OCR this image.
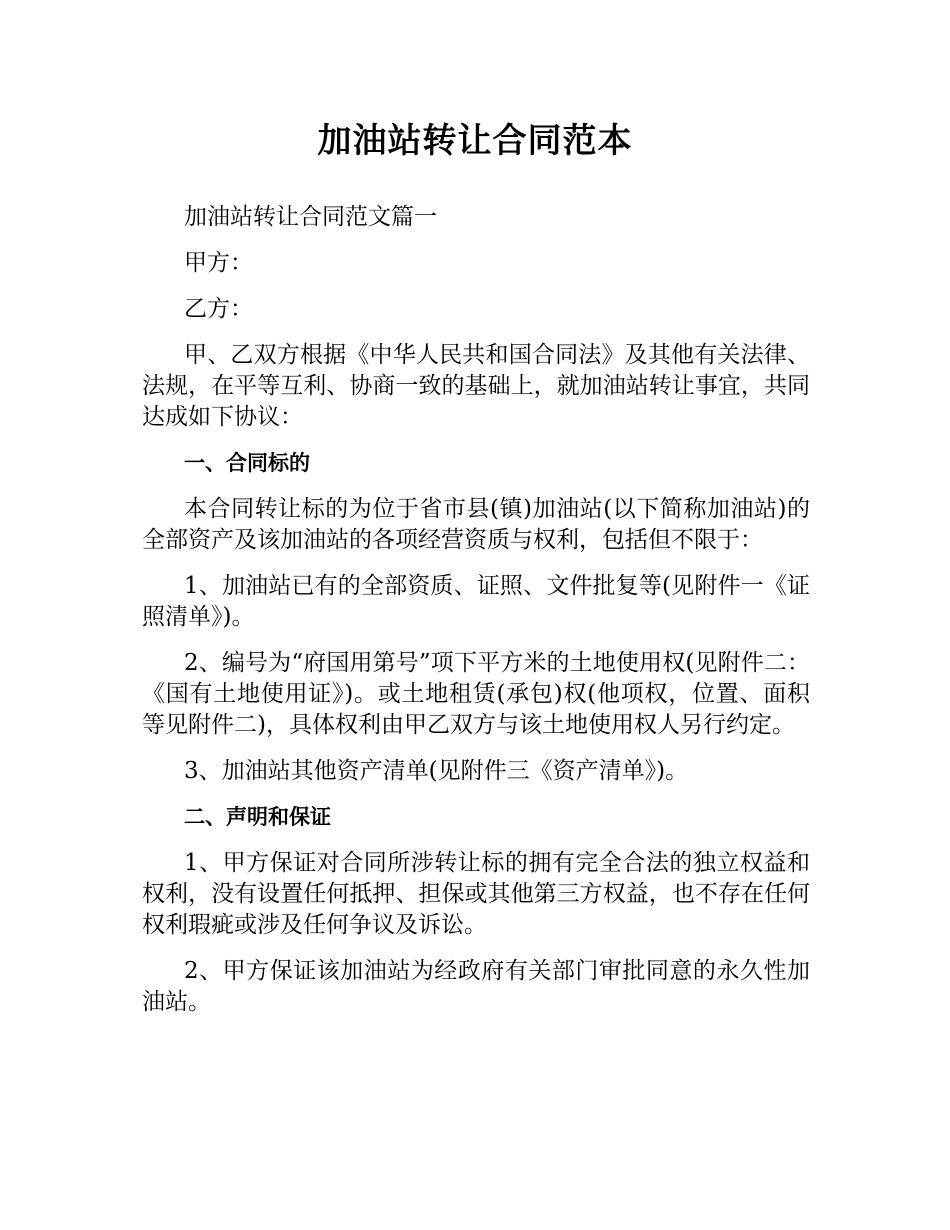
加油站转让合同范本

加油站转让合同范文篇一

甲方：

乙方：

甲、乙双方根据《中华人民共和国合同法》及其他有关法律、法规，在平等互利、协商一致的基础上，就加油站转让事宜，共同达成如下协议：

一、合同标的

本合同转让标的为位于省市县(镇)加油站(以下简称加油站)的全部资产及该加油站的各项经营资质与权利，包括但不限于：

1、加油站已有的全部资质、证照、文件批复等(见附件一《证照清单》)。

2、编号为“府国用第号”项下平方米的土地使用权(见附件二：《国有土地使用证》)。或土地租赁(承包)权(他项权，位置、面积等见附件二)，具体权利由甲乙双方与该土地使用权人另行约定。

3、加油站其他资产清单(见附件三《资产清单》)。

二、声明和保证

1、甲方保证对合同所涉转让标的拥有完全合法的独立权益和权利，没有设置任何抵押、担保或其他第三方权益，也不存在任何权利瑕疵或涉及任何争议及诉讼。

2、甲方保证该加油站为经政府有关部门审批同意的永久性加油站。
